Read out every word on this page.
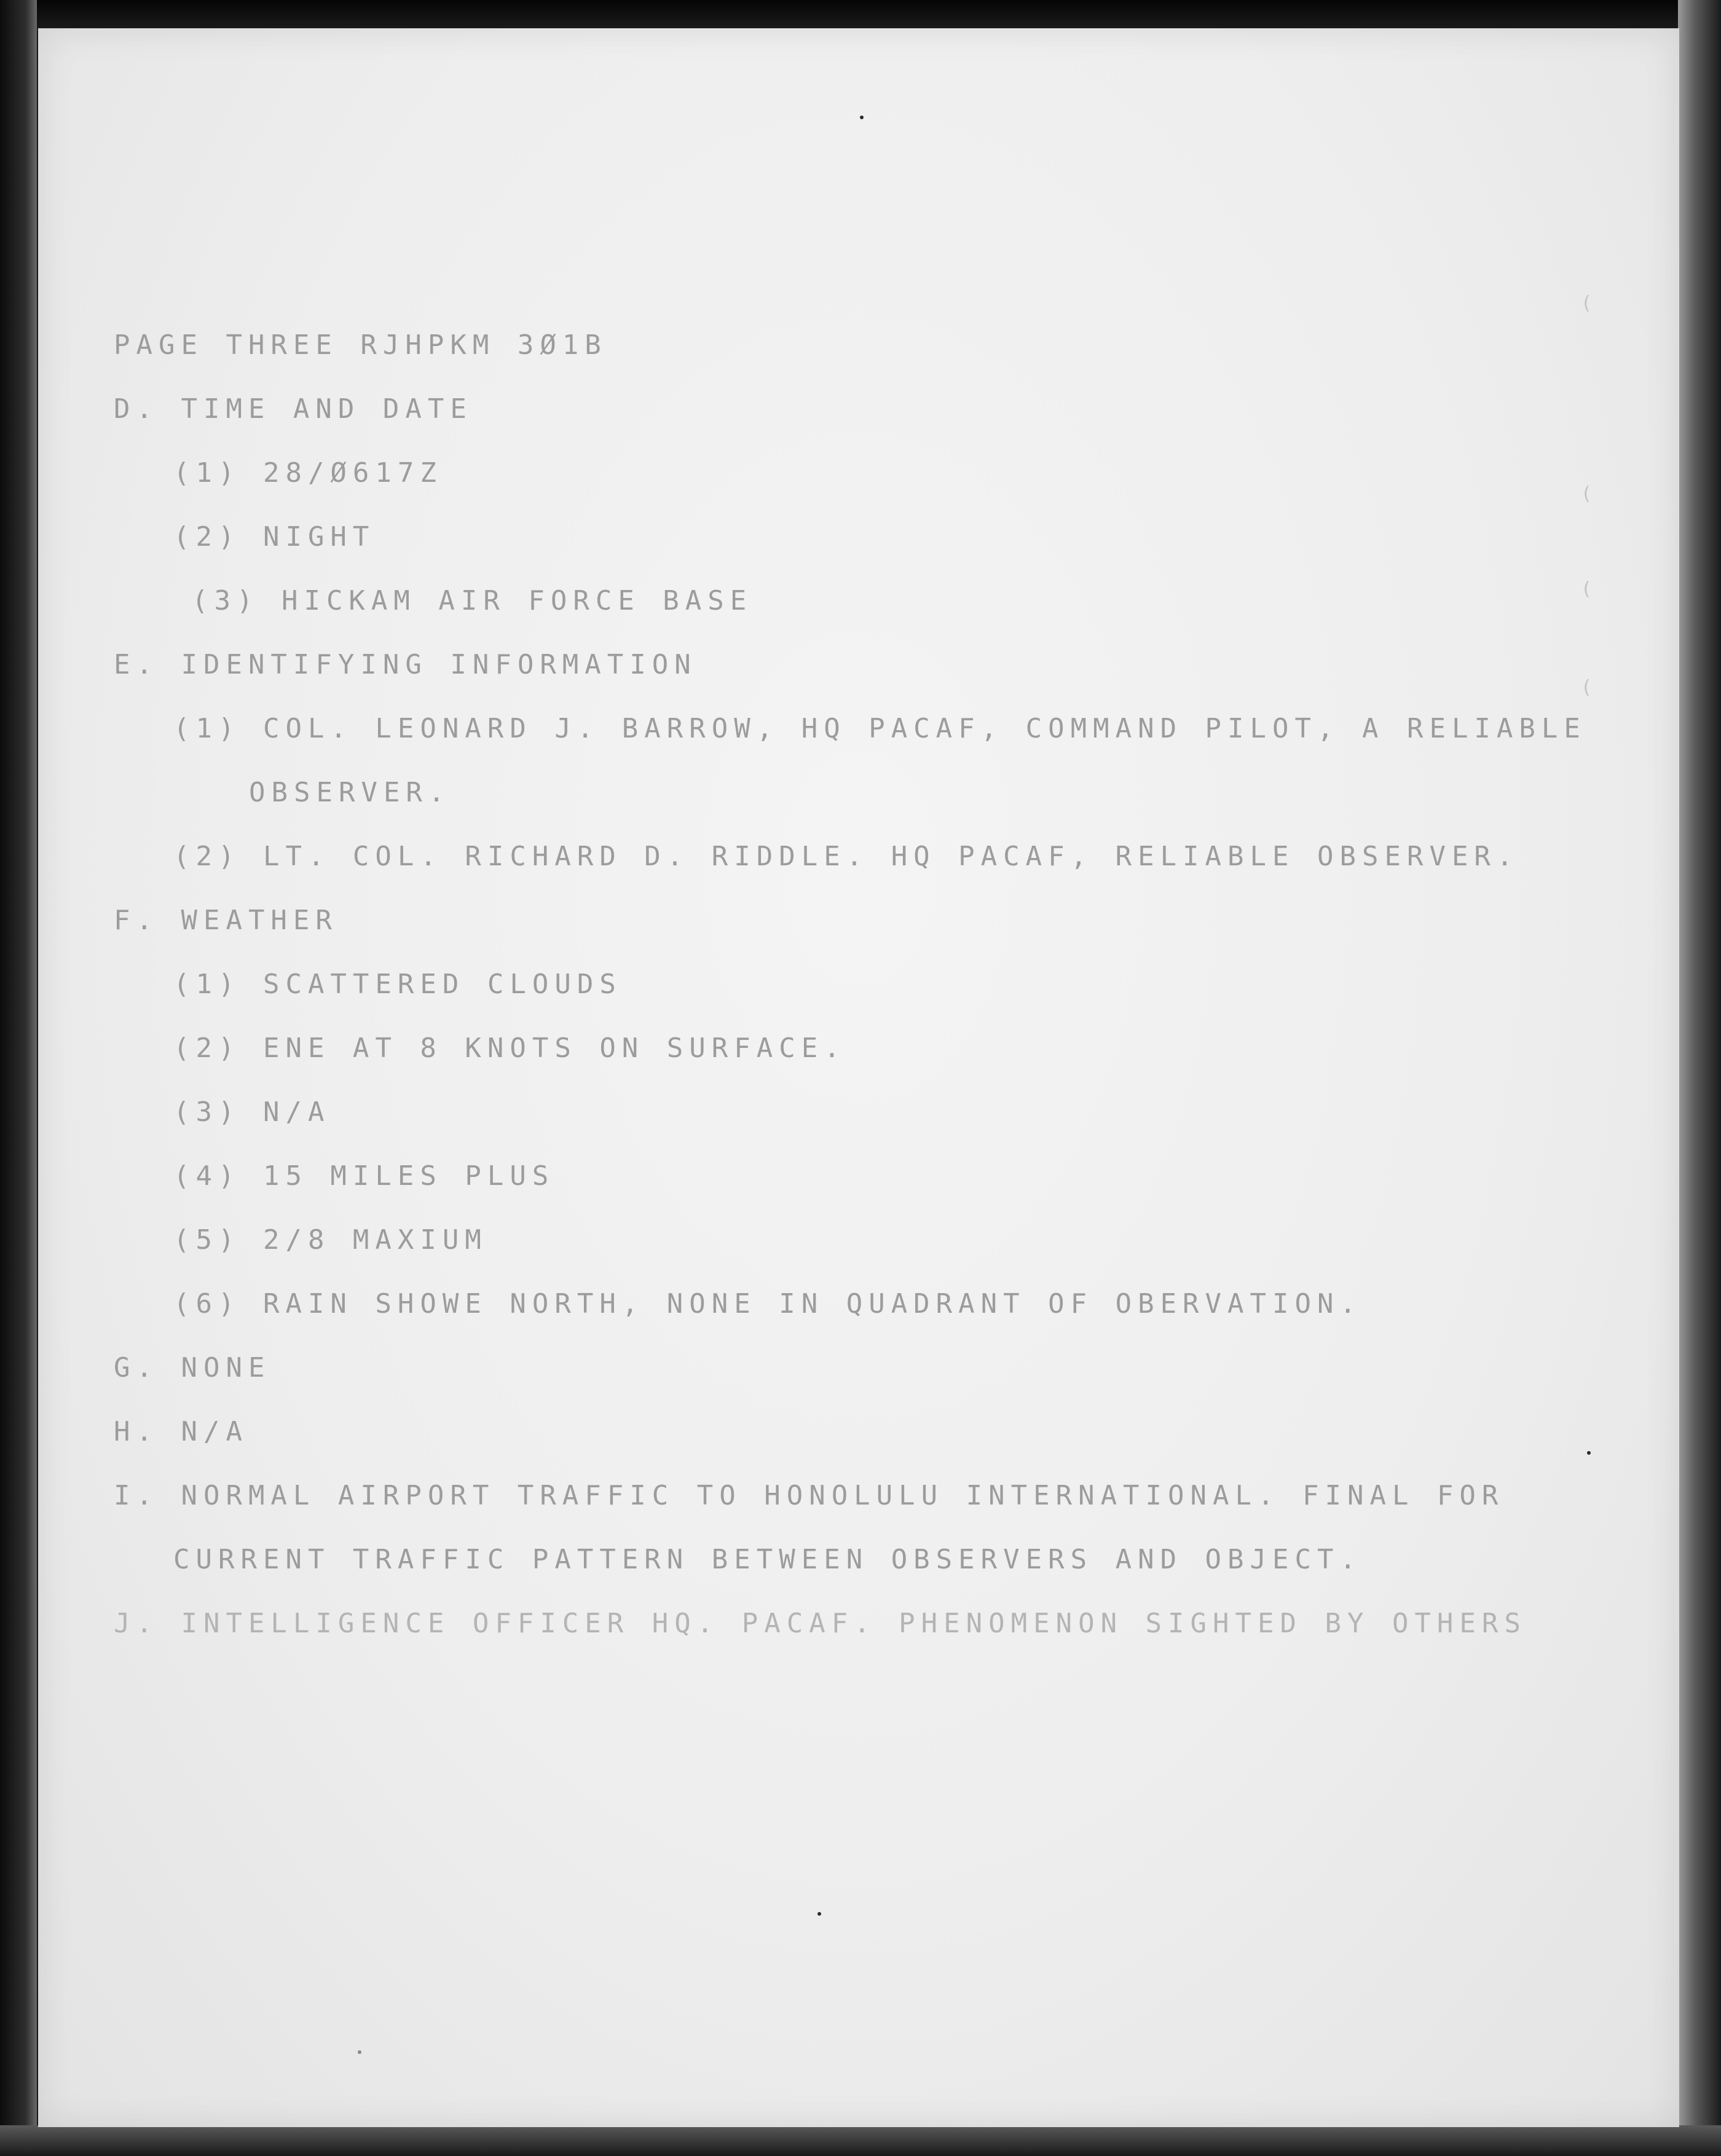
PAGE THREE RJHPKM 3Ø1B
D. TIME AND DATE
(1) 28/Ø617Z
(2) NIGHT
(3) HICKAM AIR FORCE BASE
E. IDENTIFYING INFORMATION
(1) COL. LEONARD J. BARROW, HQ PACAF, COMMAND PILOT, A RELIABLE
OBSERVER.
(2) LT. COL. RICHARD D. RIDDLE. HQ PACAF, RELIABLE OBSERVER.
F. WEATHER
(1) SCATTERED CLOUDS
(2) ENE AT 8 KNOTS ON SURFACE.
(3) N/A
(4) 15 MILES PLUS
(5) 2/8 MAXIUM
(6) RAIN SHOWE NORTH, NONE IN QUADRANT OF OBERVATION.
G. NONE
H. N/A
I. NORMAL AIRPORT TRAFFIC TO HONOLULU INTERNATIONAL. FINAL FOR
CURRENT TRAFFIC PATTERN BETWEEN OBSERVERS AND OBJECT.
J. INTELLIGENCE OFFICER HQ. PACAF. PHENOMENON SIGHTED BY OTHERS
(
(
(
(
